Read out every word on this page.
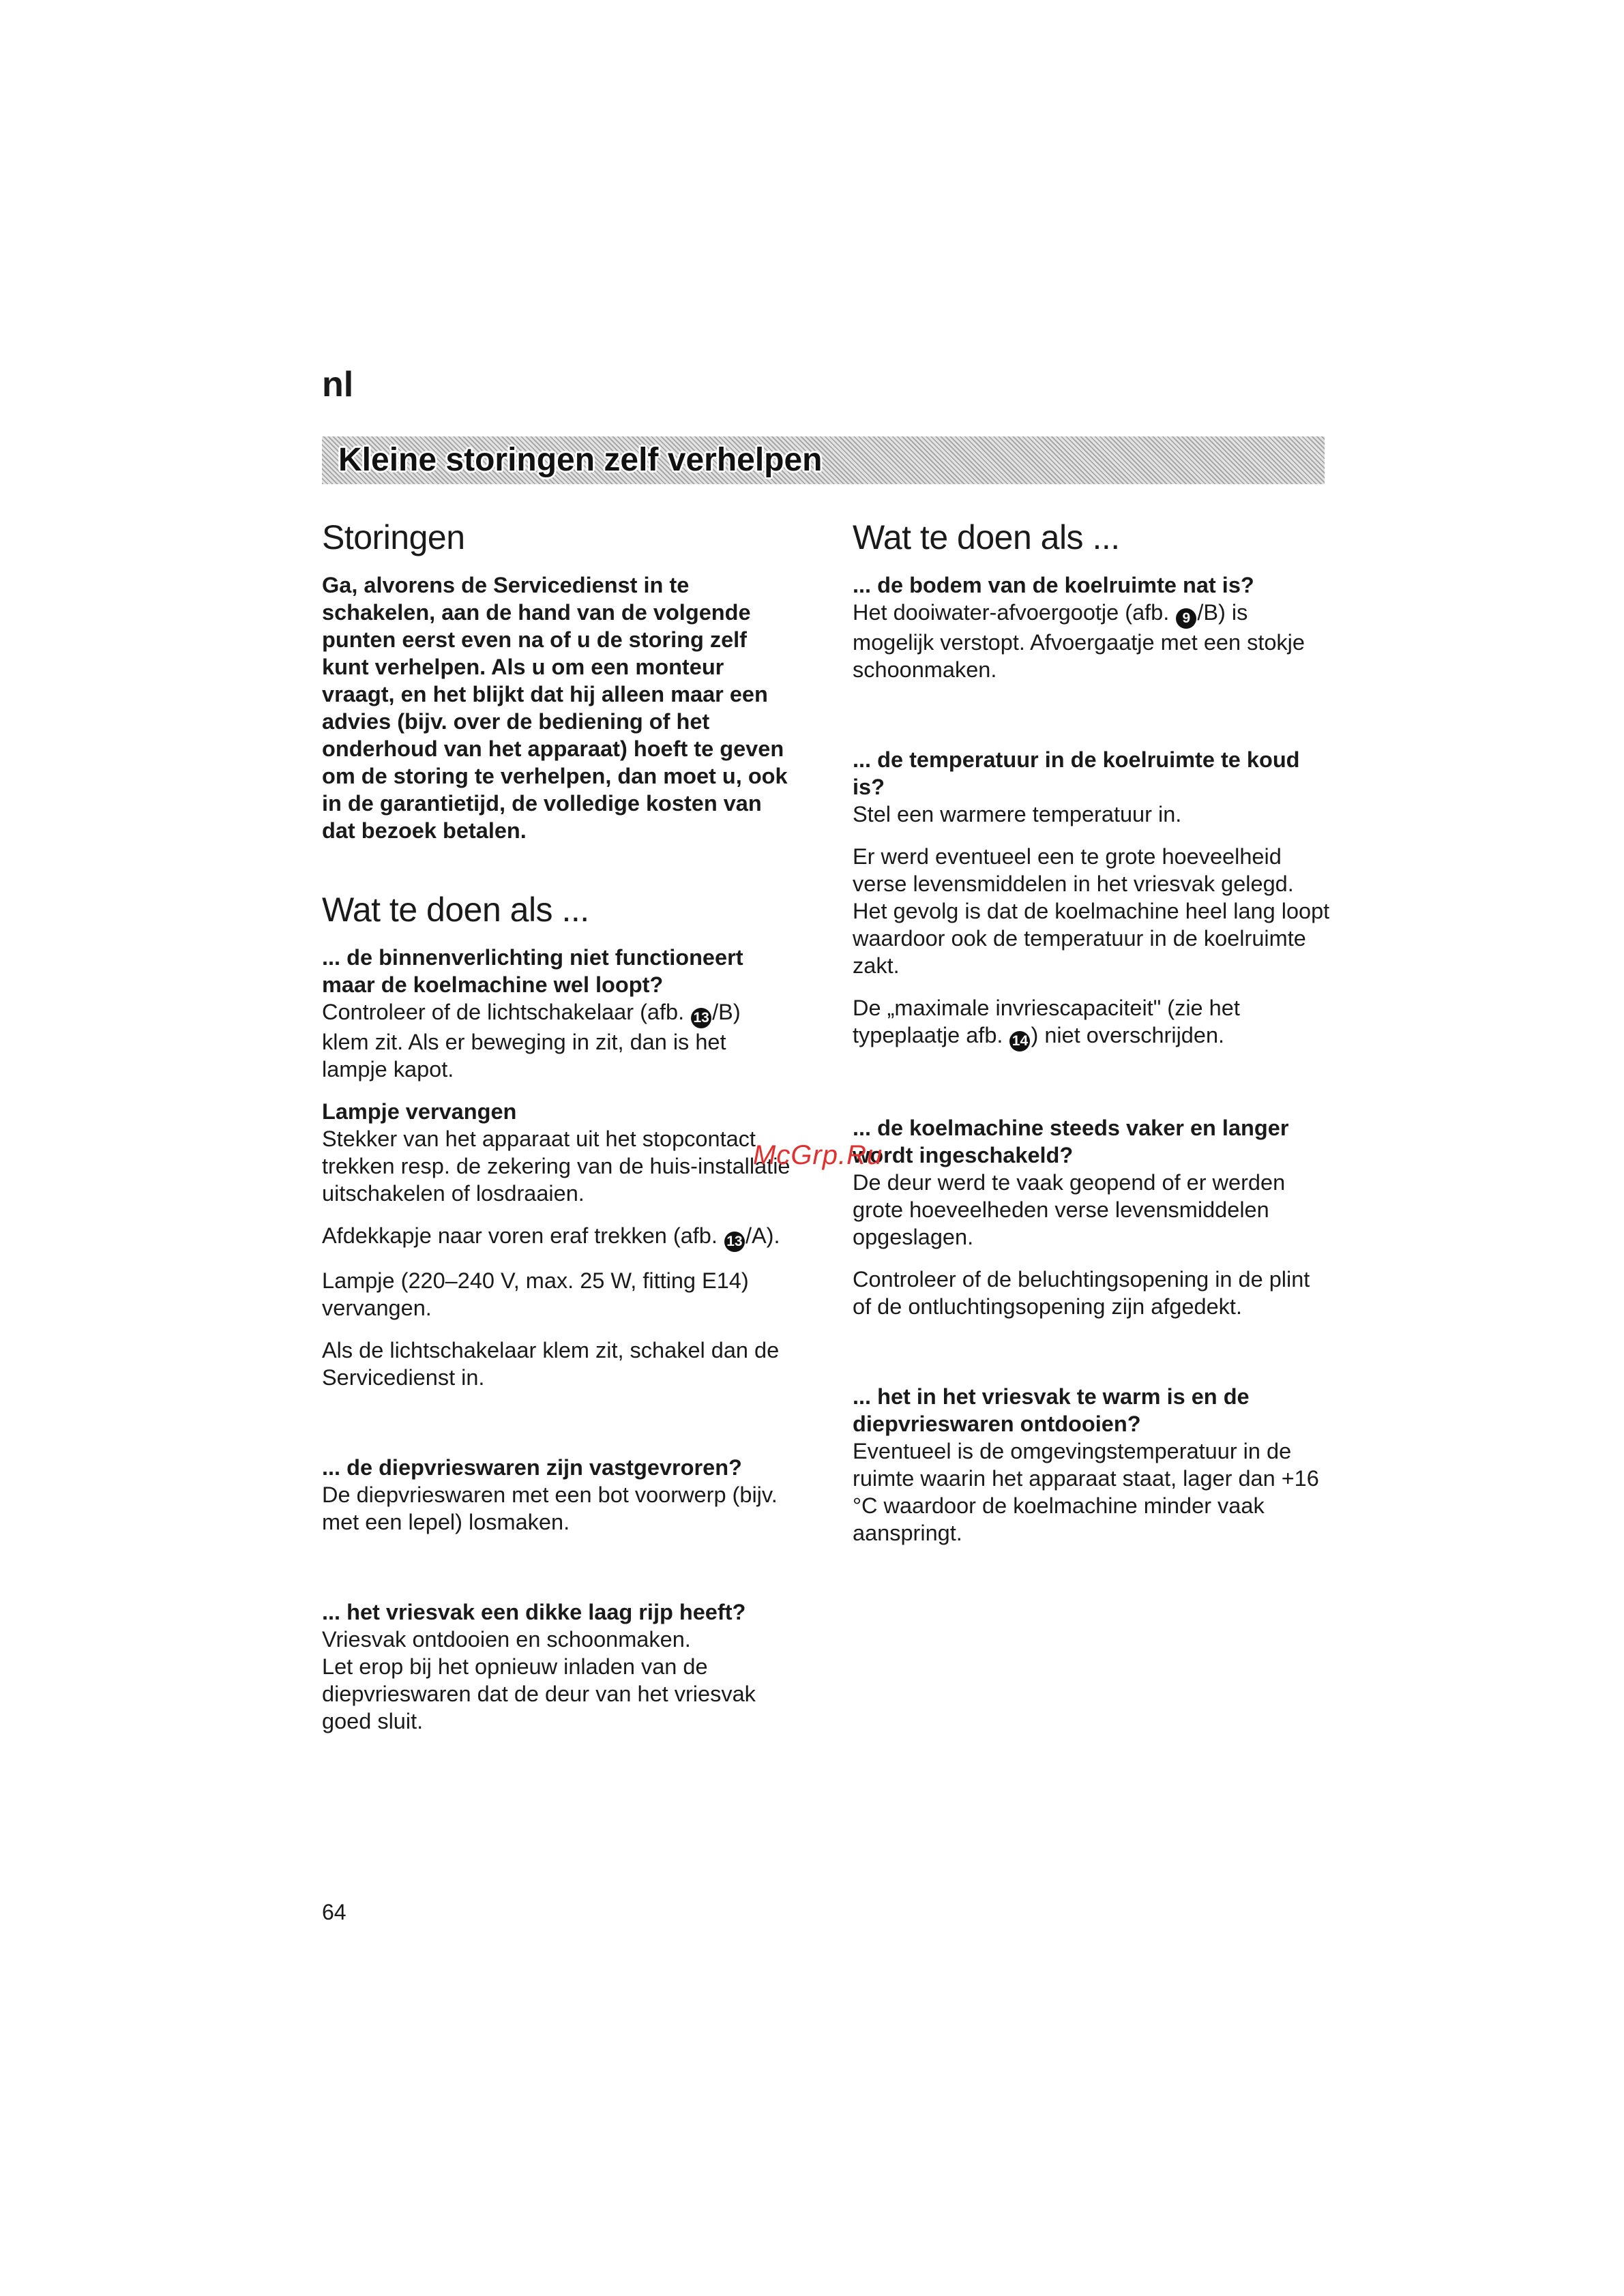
nl
Kleine storingen zelf verhelpen
Storingen

Ga, alvorens de Servicedienst in te schakelen, aan de hand van de volgende punten eerst even na of u de storing zelf kunt verhelpen. Als u om een monteur vraagt, en het blijkt dat hij alleen maar een advies (bijv. over de bediening of het onderhoud van het apparaat) hoeft te geven om de storing te verhelpen, dan moet u, ook in de garantietijd, de volledige kosten van dat bezoek betalen.

Wat te doen als ...

... de binnenverlichting niet functioneert maar de koelmachine wel loopt?
Controleer of de lichtschakelaar (afb. 13 /B) klem zit. Als er beweging in zit, dan is het lampje kapot.

Lampje vervangen
Stekker van het apparaat uit het stopcontact trekken resp. de zekering van de huis-installatie uitschakelen of losdraaien.

Afdekkapje naar voren eraf trekken (afb. 13 /A).

Lampje (220–240 V, max. 25 W, fitting E14) vervangen.

Als de lichtschakelaar klem zit, schakel dan de Servicedienst in.

... de diepvrieswaren zijn vastgevroren?
De diepvrieswaren met een bot voorwerp (bijv. met een lepel) losmaken.

... het vriesvak een dikke laag rijp heeft?
Vriesvak ontdooien en schoonmaken.
Let erop bij het opnieuw inladen van de diepvrieswaren dat de deur van het vriesvak goed sluit.

Wat te doen als ...

... de bodem van de koelruimte nat is?
Het dooiwater-afvoergootje (afb. 9 /B) is mogelijk verstopt. Afvoergaatje met een stokje schoonmaken.

... de temperatuur in de koelruimte te koud is?
Stel een warmere temperatuur in.

Er werd eventueel een te grote hoeveelheid verse levensmiddelen in het vriesvak gelegd. Het gevolg is dat de koelmachine heel lang loopt waardoor ook de temperatuur in de koelruimte zakt.

De „maximale invriescapaciteit" (zie het typeplaatje afb. 14 ) niet overschrijden.

... de koelmachine steeds vaker en langer wordt ingeschakeld?
De deur werd te vaak geopend of er werden grote hoeveelheden verse levensmiddelen opgeslagen.

Controleer of de beluchtingsopening in de plint of de ontluchtingsopening zijn afgedekt.

... het in het vriesvak te warm is en de diepvrieswaren ontdooien?
Eventueel is de omgevingstemperatuur in de ruimte waarin het apparaat staat, lager dan +16 °C waardoor de koelmachine minder vaak aanspringt.

McGrp.Ru
64
